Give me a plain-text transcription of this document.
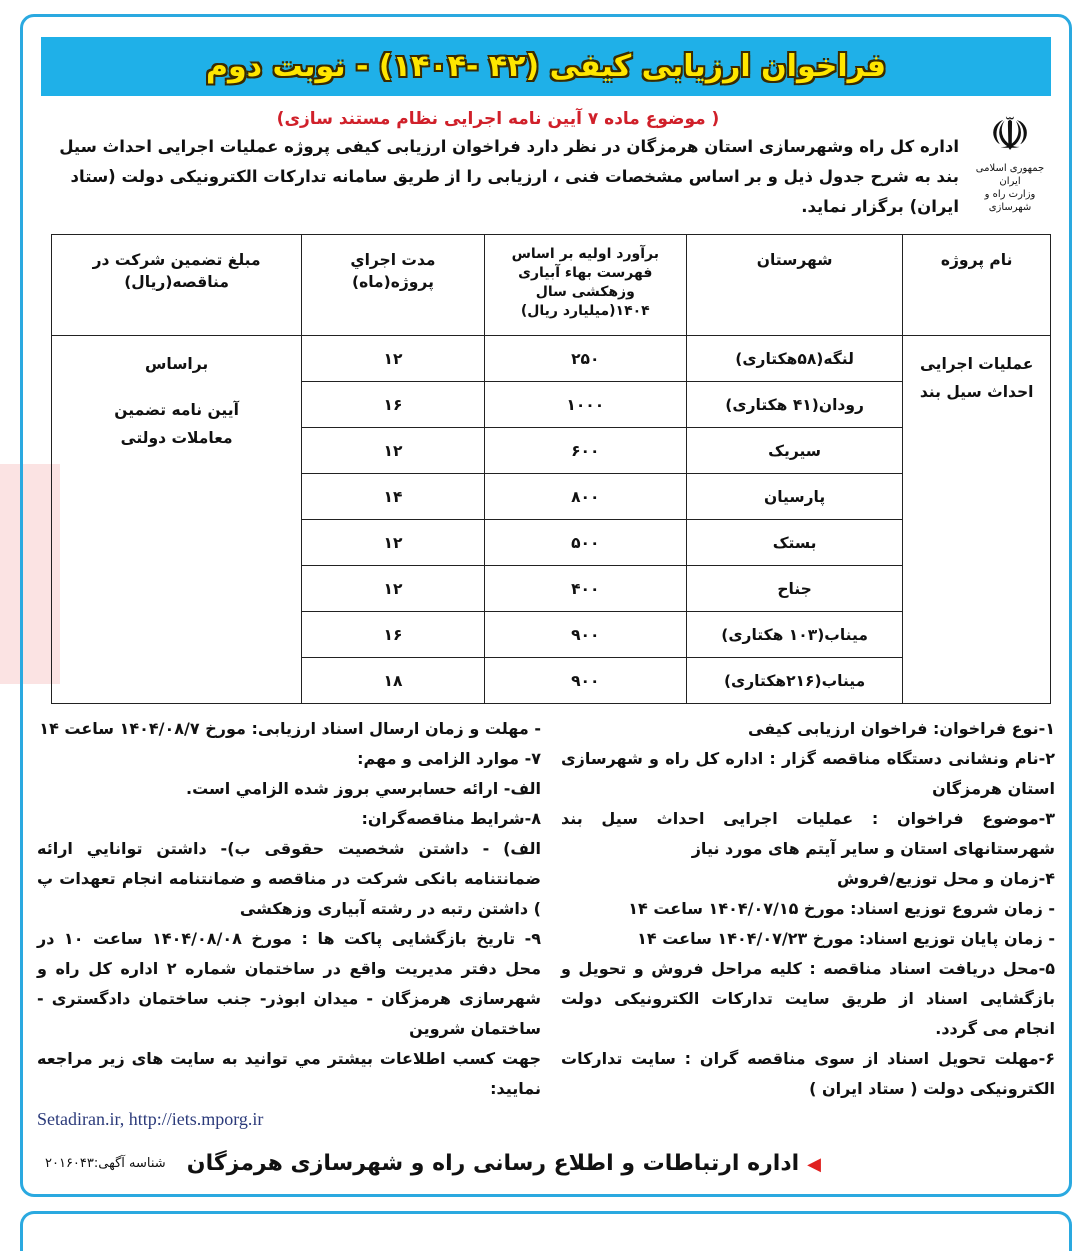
فراخوان ارزیابی کیفی (۴۲ -۱۴۰۴) - نوبت دوم
☫
جمهوری اسلامی ایران
وزارت راه و شهرسازی
( موضوع ماده ۷ آیین نامه اجرایی نظام مستند سازی)
اداره کل راه وشهرسازی استان هرمزگان در نظر دارد فراخوان ارزیابی کیفی پروژه عملیات اجرایی احداث سیل بند به شرح جدول ذیل و بر اساس مشخصات فنی ، ارزیابی را از طریق سامانه تدارکات الکترونیکی دولت (ستاد ایران) برگزار نماید.
نام پروژه	شهرستان	برآورد اولیه بر اساس فهرست بهاء آبیاری وزهکشی سال ۱۴۰۴(میلیارد ریال)	مدت اجراي پروژه(ماه)	مبلغ تضمین شرکت در مناقصه(ریال)
عملیات اجرایی احداث سیل بند	لنگه(۵۸هکتاری)	۲۵۰	۱۲	براساس
آیین نامه تضمین معاملات دولتی

	رودان(۴۱ هکتاری)	۱۰۰۰	۱۶	
	سیریک	۶۰۰	۱۲	
	پارسیان	۸۰۰	۱۴	
	بستک	۵۰۰	۱۲	
	جناح	۴۰۰	۱۲	
	میناب(۱۰۳ هکتاری)	۹۰۰	۱۶	
	میناب(۲۱۶هکتاری)	۹۰۰	۱۸	

۱-نوع فراخوان: فراخوان ارزیابی کیفی

۲-نام ونشانی دستگاه مناقصه گزار : اداره کل راه و شهرسازی استان هرمزگان

۳-موضوع فراخوان : عملیات اجرایی احداث سیل بند شهرستانهای استان و سایر آیتم های مورد نیاز

۴-زمان و محل توزیع/فروش

- زمان شروع توزیع اسناد: مورخ ۱۴۰۴/۰۷/۱۵ ساعت ۱۴

- زمان پایان توزیع اسناد: مورخ ۱۴۰۴/۰۷/۲۳ ساعت ۱۴

۵-محل دریافت اسناد مناقصه : کلیه مراحل فروش و تحویل و بازگشایی اسناد از طریق سایت تدارکات الکترونیکی دولت انجام می گردد.

۶-مهلت تحویل اسناد از سوی مناقصه گران : سایت تدارکات الکترونیکی دولت ( ستاد ایران )

- مهلت و زمان ارسال اسناد ارزیابی: مورخ ۱۴۰۴/۰۸/۷ ساعت ۱۴

۷- موارد الزامی و مهم:

الف- ارائه حسابرسي بروز شده الزامي است.

۸-شرایط مناقصه‌گران:

الف) - داشتن شخصیت حقوقی ب)- داشتن توانايي ارائه ضمانتنامه بانکی شرکت در مناقصه و ضمانتنامه انجام تعهدات پ ) داشتن رتبه در رشته آبیاری وزهکشی

۹- تاریخ بازگشایی پاکت ها : مورخ ۱۴۰۴/۰۸/۰۸ ساعت ۱۰ در محل دفتر مدیریت واقع در ساختمان شماره ۲ اداره کل راه و شهرسازی هرمزگان - میدان ابوذر- جنب ساختمان دادگستری - ساختمان شروین

جهت کسب اطلاعات بیشتر مي توانید به سایت های زیر مراجعه نمایید:

Setadiran.ir, http://iets.mporg.ir

شناسه آگهی:۲۰۱۶۰۴۳	◀اداره ارتباطات و اطلاع رسانی راه و شهرسازی هرمزگان
